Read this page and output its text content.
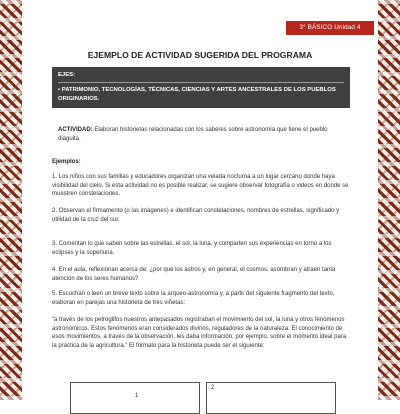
3° BÁSICO Unidad 4
EJEMPLO DE ACTIVIDAD SUGERIDA DEL PROGRAMA
EJES:
• PATRIMONIO, TECNOLOGÍAS, TÉCNICAS, CIENCIAS Y ARTES ANCESTRALES DE LOS PUEBLOS ORIGINARIOS.
ACTIVIDAD: Elaboran historietas relacionadas con los saberes sobre astronomía que tiene el pueblo diaguita.
Ejemplos:
1. Los niños con sus familias y educadores organizan una velada nocturna a un lugar cercano donde haya visibilidad del cielo. Si esta actividad no es posible realizar, se sugiere observar fotografía o videos en donde se muestren constelaciones.
2. Observan el firmamento (o las imágenes) e identifican constelaciones, nombres de estrellas, significado y utilidad de la cruz del sur.
3. Comentan lo que saben sobre las estrellas, el sol, la luna, y comparten sus experiencias en torno a los eclipses y la superluna.
4. En el aula, reflexionan acerca de: ¿por qué los astros y, en general, el cosmos, asombran y atraen tanta atención de los seres humanos?
5. Escuchan o leen un breve texto sobre la arqueo-astronomía y, a partir del siguiente fragmento del texto, elaboran en parejas una historieta de tres viñetas:
“a través de los petroglifos nuestros antepasados registraban el movimiento del sol, la luna y otros fenómenos astronómicos. Estos fenómenos eran considerados divinos, reguladores de la naturaleza. El conocimiento de esos movimientos, a través de la observación, les daba información, por ejemplo, sobre el momento ideal para la práctica de la agricultura.” El formato para la historieta puede ser el siguiente:
1
2
